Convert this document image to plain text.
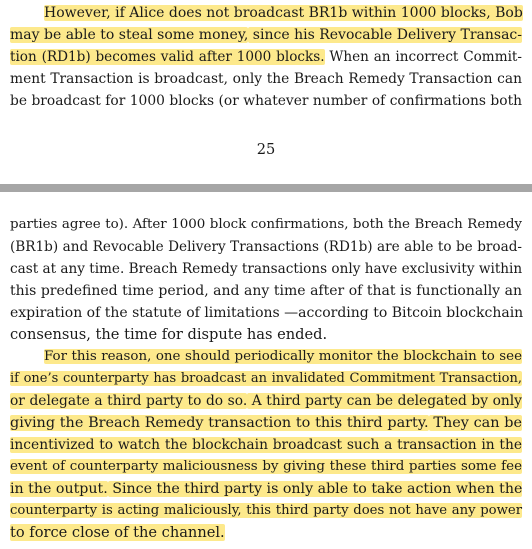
However, if Alice does not broadcast BR1b within 1000 blocks, Bob
may be able to steal some money, since his Revocable Delivery Transac-
tion (RD1b) becomes valid after 1000 blocks. When an incorrect Commit-
ment Transaction is broadcast, only the Breach Remedy Transaction can
be broadcast for 1000 blocks (or whatever number of confirmations both
25
parties agree to). After 1000 block confirmations, both the Breach Remedy
(BR1b) and Revocable Delivery Transactions (RD1b) are able to be broad-
cast at any time. Breach Remedy transactions only have exclusivity within
this predefined time period, and any time after of that is functionally an
expiration of the statute of limitations —according to Bitcoin blockchain
consensus, the time for dispute has ended.
For this reason, one should periodically monitor the blockchain to see
if one’s counterparty has broadcast an invalidated Commitment Transaction,
or delegate a third party to do so. A third party can be delegated by only
giving the Breach Remedy transaction to this third party. They can be
incentivized to watch the blockchain broadcast such a transaction in the
event of counterparty maliciousness by giving these third parties some fee
in the output. Since the third party is only able to take action when the
counterparty is acting maliciously, this third party does not have any power
to force close of the channel.
